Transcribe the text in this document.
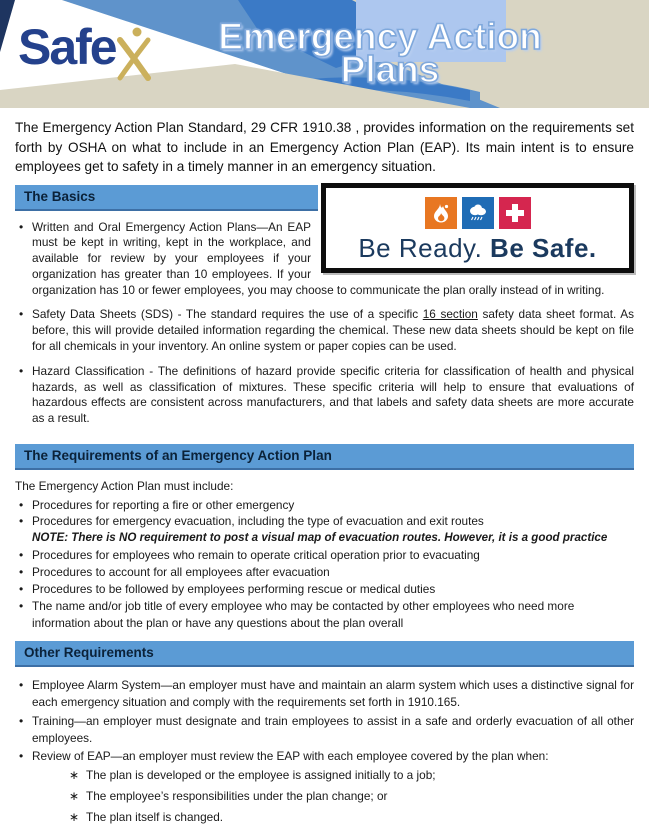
Safe	Emergency Action
Plans

The Emergency Action Plan Standard, 29 CFR 1910.38 , provides information on the requirements set forth by OSHA on what to include in an Emergency Action Plan (EAP). Its main intent is to ensure employees get to safety in a timely manner in an emergency situation.

Be Ready. Be Safe.
The Basics
• Written and Oral Emergency Action Plans—An EAP must be kept in writing, kept in the workplace, and available for review by your employees if your organization has greater than 10 employees. If your organization has 10 or fewer employees, you may choose to communicate the plan orally instead of in writing.
• Safety Data Sheets (SDS) - The standard requires the use of a specific 16 section safety data sheet format. As before, this will provide detailed information regarding the chemical. These new data sheets should be kept on file for all chemicals in your inventory. An online system or paper copies can be used.
• Hazard Classification - The definitions of hazard provide specific criteria for classification of health and physical hazards, as well as classification of mixtures. These specific criteria will help to ensure that evaluations of hazardous effects are consistent across manufacturers, and that labels and safety data sheets are more accurate as a result.
The Requirements of an Emergency Action Plan

The Emergency Action Plan must include:

• Procedures for reporting a fire or other emergency
• Procedures for emergency evacuation, including the type of evacuation and exit routes
NOTE: There is NO requirement to post a visual map of evacuation routes. However, it is a good practice
• Procedures for employees who remain to operate critical operation prior to evacuating
• Procedures to account for all employees after evacuation
• Procedures to be followed by employees performing rescue or medical duties
• The name and/or job title of every employee who may be contacted by other employees who need more information about the plan or have any questions about the plan overall
Other Requirements
• Employee Alarm System—an employer must have and maintain an alarm system which uses a distinctive signal for each emergency situation and comply with the requirements set forth in 1910.165.
• Training—an employer must designate and train employees to assist in a safe and orderly evacuation of all other employees.
• Review of EAP—an employer must review the EAP with each employee covered by the plan when:
∗ The plan is developed or the employee is assigned initially to a job;
∗ The employee’s responsibilities under the plan change; or
∗ The plan itself is changed.
